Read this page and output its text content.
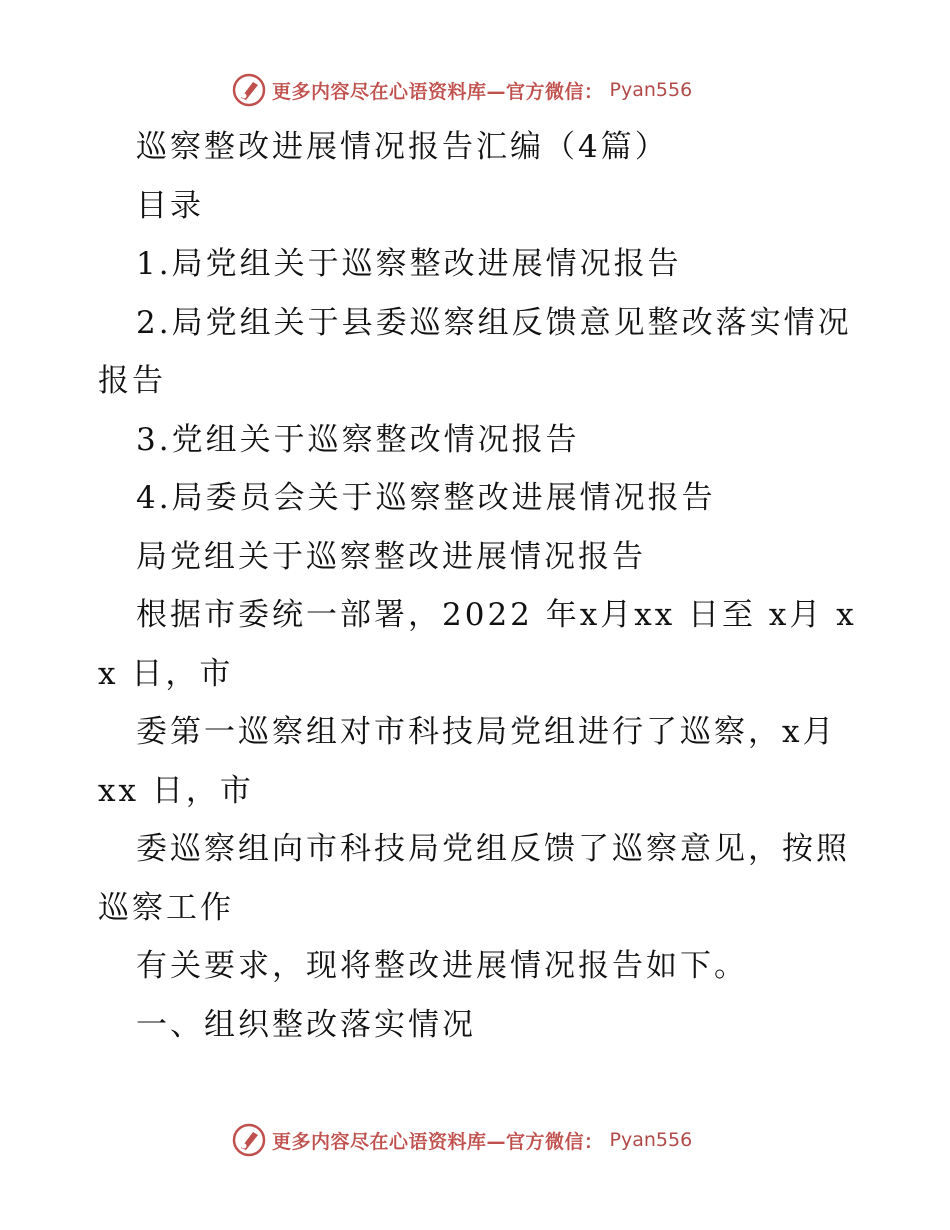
更多内容尽在心语资料库—官方微信： Pyan556

巡察整改进展情况报告汇编（4篇）

目录

1.局党组关于巡察整改进展情况报告

2.局党组关于县委巡察组反馈意见整改落实情况报告

3.党组关于巡察整改情况报告

4.局委员会关于巡察整改进展情况报告

局党组关于巡察整改进展情况报告

根据市委统一部署，2022 年x月xx 日至 x月 xx 日，市

委第一巡察组对市科技局党组进行了巡察，x月 xx 日，市

委巡察组向市科技局党组反馈了巡察意见，按照巡察工作

有关要求，现将整改进展情况报告如下。

一、组织整改落实情况

更多内容尽在心语资料库—官方微信： Pyan556
